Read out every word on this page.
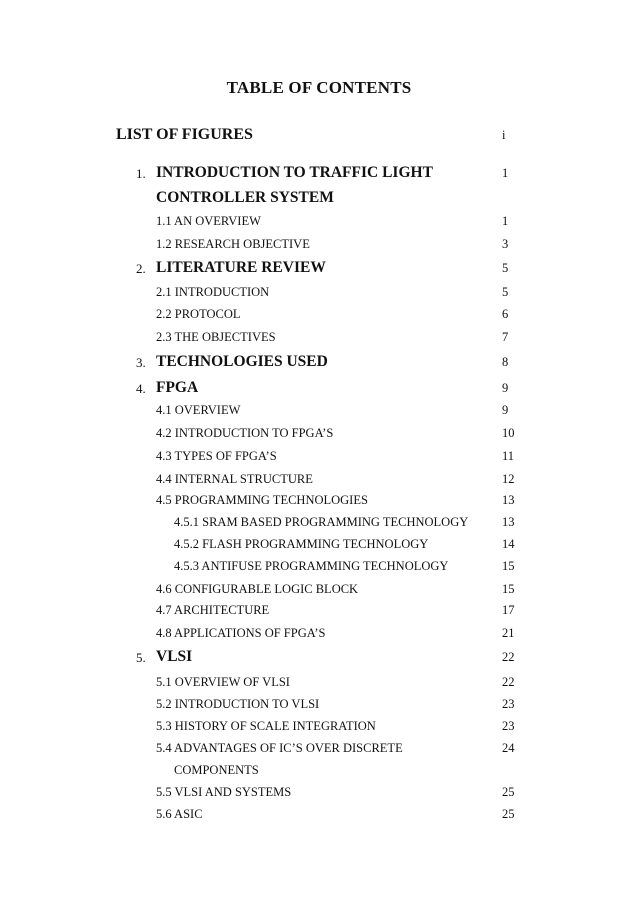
TABLE OF CONTENTS
LIST OF FIGURES	i
1. INTRODUCTION TO TRAFFIC LIGHT	1
CONTROLLER SYSTEM
1.1 AN OVERVIEW	1
1.2 RESEARCH OBJECTIVE	3
2. LITERATURE REVIEW	5
2.1 INTRODUCTION	5
2.2 PROTOCOL	6
2.3 THE OBJECTIVES	7
3. TECHNOLOGIES USED	8
4. FPGA	9
4.1 OVERVIEW	9
4.2 INTRODUCTION TO FPGA’S	10
4.3 TYPES OF FPGA’S	11
4.4 INTERNAL STRUCTURE	12
4.5 PROGRAMMING TECHNOLOGIES	13
4.5.1 SRAM BASED PROGRAMMING TECHNOLOGY	13
4.5.2 FLASH PROGRAMMING TECHNOLOGY	14
4.5.3 ANTIFUSE PROGRAMMING TECHNOLOGY	15
4.6 CONFIGURABLE LOGIC BLOCK	15
4.7 ARCHITECTURE	17
4.8 APPLICATIONS OF FPGA’S	21
5. VLSI	22
5.1 OVERVIEW OF VLSI	22
5.2 INTRODUCTION TO VLSI	23
5.3 HISTORY OF SCALE INTEGRATION	23
5.4 ADVANTAGES OF IC’S OVER DISCRETE	24
COMPONENTS
5.5 VLSI AND SYSTEMS	25
5.6 ASIC	25
